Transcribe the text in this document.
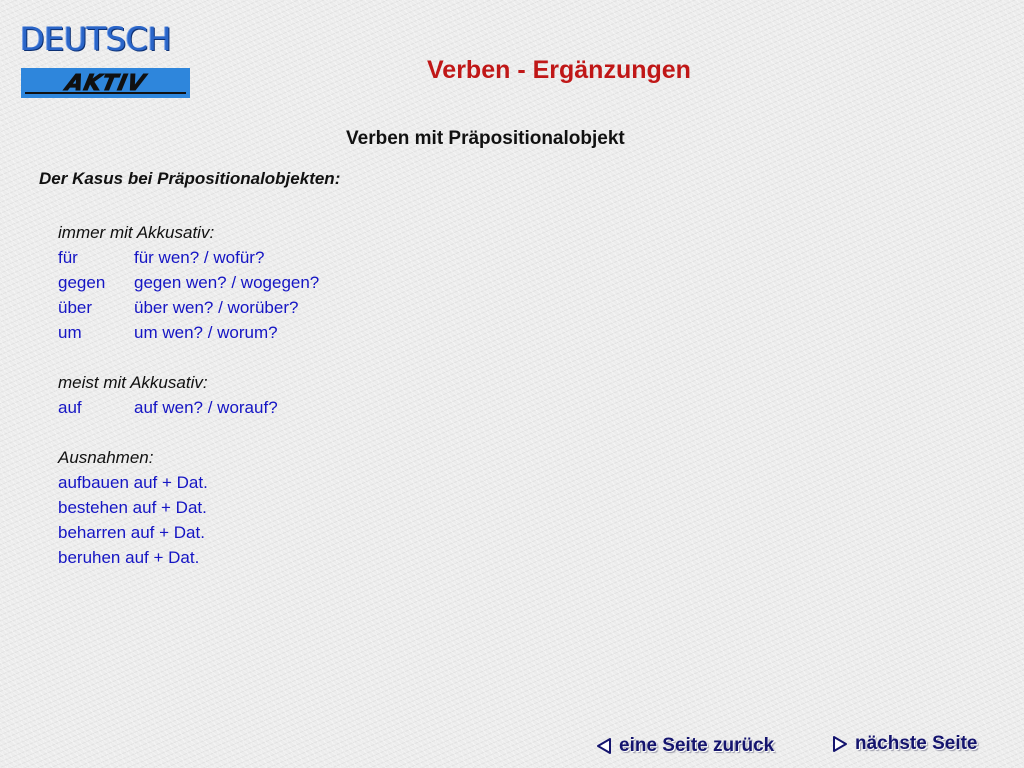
DEUTSCH
AKTIV	Verben - Ergänzungen
Verben mit Präpositionalobjekt
Der Kasus bei Präpositionalobjekten:
immer mit Akkusativ:
für	für wen? / wofür?
gegen	gegen wen? / wogegen?
über	über wen? / worüber?
um	um wen? / worum?
meist mit Akkusativ:
auf	auf wen? / worauf?
Ausnahmen:
aufbauen auf + Dat.
bestehen auf + Dat.
beharren auf + Dat.
beruhen auf + Dat.
eine Seite zurück	nächste Seite
